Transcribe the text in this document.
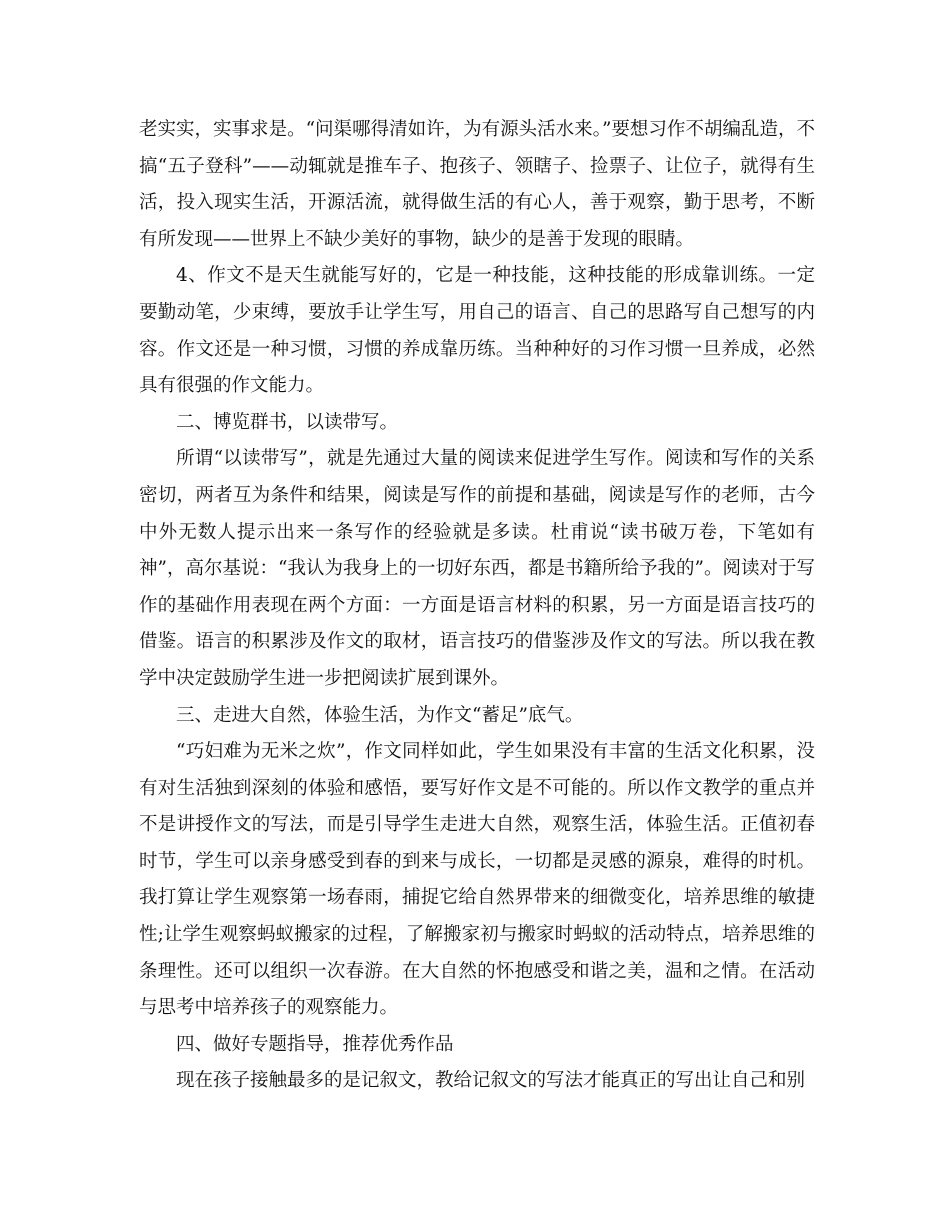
老实实，实事求是。“问渠哪得清如许，为有源头活水来。”要想习作不胡编乱造，不搞“五子登科”——动辄就是推车子、抱孩子、领瞎子、捡票子、让位子，就得有生活，投入现实生活，开源活流，就得做生活的有心人，善于观察，勤于思考，不断有所发现——世界上不缺少美好的事物，缺少的是善于发现的眼睛。

4、作文不是天生就能写好的，它是一种技能，这种技能的形成靠训练。一定要勤动笔，少束缚，要放手让学生写，用自己的语言、自己的思路写自己想写的内容。作文还是一种习惯，习惯的养成靠历练。当种种好的习作习惯一旦养成，必然具有很强的作文能力。

二、博览群书，以读带写。

所谓“以读带写”，就是先通过大量的阅读来促进学生写作。阅读和写作的关系密切，两者互为条件和结果，阅读是写作的前提和基础，阅读是写作的老师，古今中外无数人提示出来一条写作的经验就是多读。杜甫说“读书破万卷，下笔如有神”，高尔基说：“我认为我身上的一切好东西，都是书籍所给予我的”。阅读对于写作的基础作用表现在两个方面：一方面是语言材料的积累，另一方面是语言技巧的借鉴。语言的积累涉及作文的取材，语言技巧的借鉴涉及作文的写法。所以我在教学中决定鼓励学生进一步把阅读扩展到课外。

三、走进大自然，体验生活，为作文“蓄足”底气。

“巧妇难为无米之炊”，作文同样如此，学生如果没有丰富的生活文化积累，没有对生活独到深刻的体验和感悟，要写好作文是不可能的。所以作文教学的重点并不是讲授作文的写法，而是引导学生走进大自然，观察生活，体验生活。正值初春时节，学生可以亲身感受到春的到来与成长，一切都是灵感的源泉，难得的时机。我打算让学生观察第一场春雨，捕捉它给自然界带来的细微变化，培养思维的敏捷性;让学生观察蚂蚁搬家的过程，了解搬家初与搬家时蚂蚁的活动特点，培养思维的条理性。还可以组织一次春游。在大自然的怀抱感受和谐之美，温和之情。在活动与思考中培养孩子的观察能力。

四、做好专题指导，推荐优秀作品

现在孩子接触最多的是记叙文，教给记叙文的写法才能真正的写出让自己和别
